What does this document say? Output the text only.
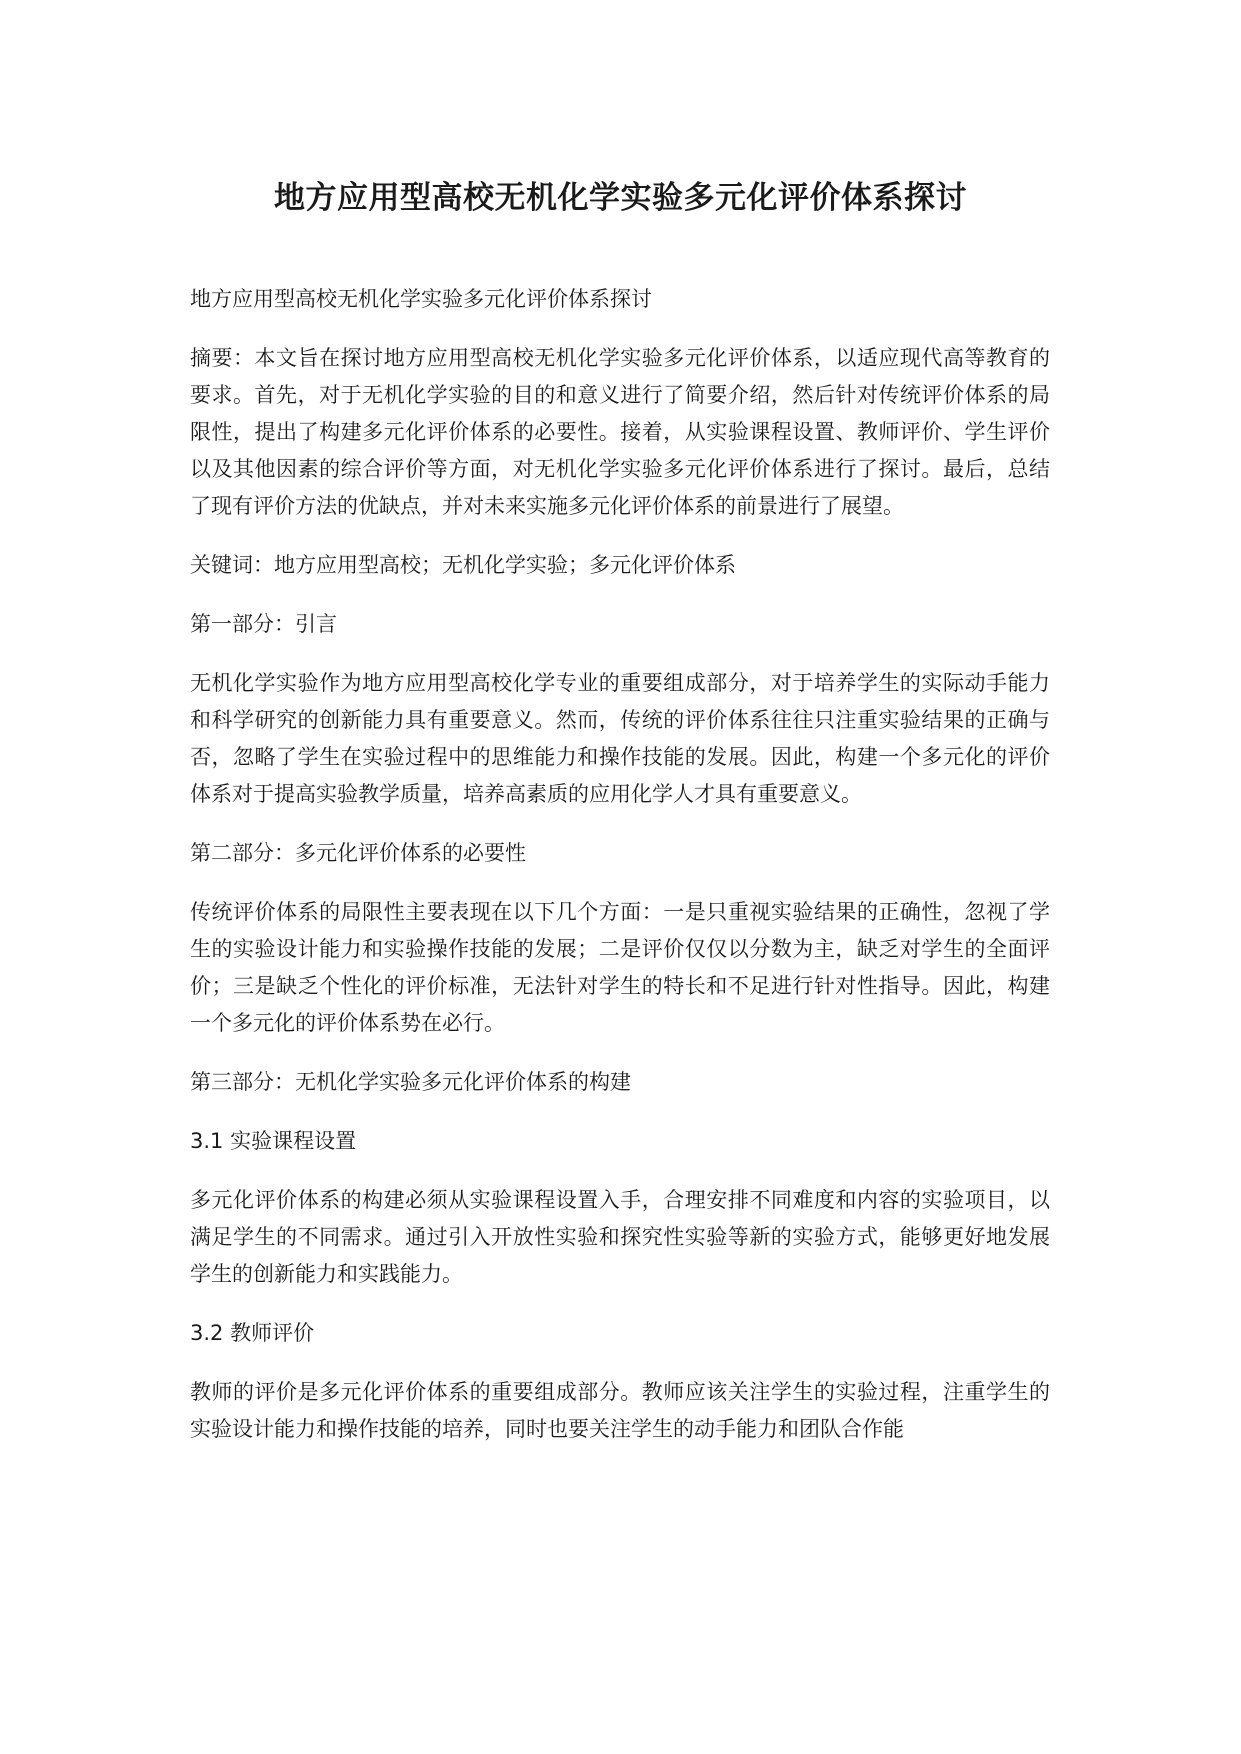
地方应用型高校无机化学实验多元化评价体系探讨

地方应用型高校无机化学实验多元化评价体系探讨

摘要：本文旨在探讨地方应用型高校无机化学实验多元化评价体系，以适应现代高等教育的要求。首先，对于无机化学实验的目的和意义进行了简要介绍，然后针对传统评价体系的局限性，提出了构建多元化评价体系的必要性。接着，从实验课程设置、教师评价、学生评价以及其他因素的综合评价等方面，对无机化学实验多元化评价体系进行了探讨。最后，总结了现有评价方法的优缺点，并对未来实施多元化评价体系的前景进行了展望。

关键词：地方应用型高校；无机化学实验；多元化评价体系

第一部分：引言

无机化学实验作为地方应用型高校化学专业的重要组成部分，对于培养学生的实际动手能力和科学研究的创新能力具有重要意义。然而，传统的评价体系往往只注重实验结果的正确与否，忽略了学生在实验过程中的思维能力和操作技能的发展。因此，构建一个多元化的评价体系对于提高实验教学质量，培养高素质的应用化学人才具有重要意义。

第二部分：多元化评价体系的必要性

传统评价体系的局限性主要表现在以下几个方面：一是只重视实验结果的正确性，忽视了学生的实验设计能力和实验操作技能的发展；二是评价仅仅以分数为主，缺乏对学生的全面评价；三是缺乏个性化的评价标准，无法针对学生的特长和不足进行针对性指导。因此，构建一个多元化的评价体系势在必行。

第三部分：无机化学实验多元化评价体系的构建

3.1 实验课程设置

多元化评价体系的构建必须从实验课程设置入手，合理安排不同难度和内容的实验项目，以满足学生的不同需求。通过引入开放性实验和探究性实验等新的实验方式，能够更好地发展学生的创新能力和实践能力。

3.2 教师评价

教师的评价是多元化评价体系的重要组成部分。教师应该关注学生的实验过程，注重学生的实验设计能力和操作技能的培养，同时也要关注学生的动手能力和团队合作能
